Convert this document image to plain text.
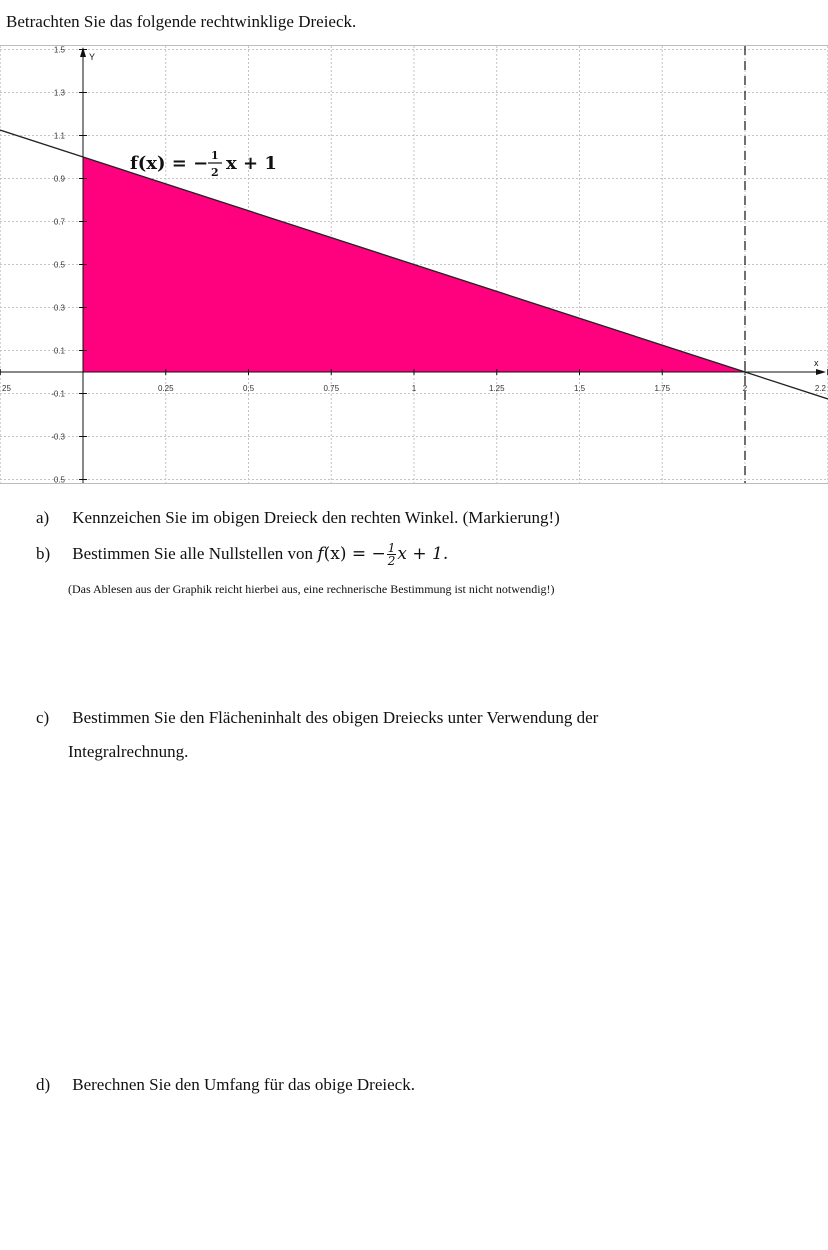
Betrachten Sie das folgende rechtwinklige Dreieck.

1.5
1.3
1.1
0.9
0.7
0.5
0.3
0.1
-0.1
-0.3
0.5
25	0.25	0.5	0.75	1	1.25	1.5	1.75	2	2.2
x
Y
f(x) = − 1
2 x + 1
a) Kennzeichen Sie im obigen Dreieck den rechten Winkel. (Markierung!)
b) Bestimmen Sie alle Nullstellen von f(x) = − $\frac{1}{2}$ x + 1.
(Das Ablesen aus der Graphik reicht hierbei aus, eine rechnerische Bestimmung ist nicht notwendig!)
c) Bestimmen Sie den Flächeninhalt des obigen Dreiecks unter Verwendung der
Integralrechnung.
d) Berechnen Sie den Umfang für das obige Dreieck.
